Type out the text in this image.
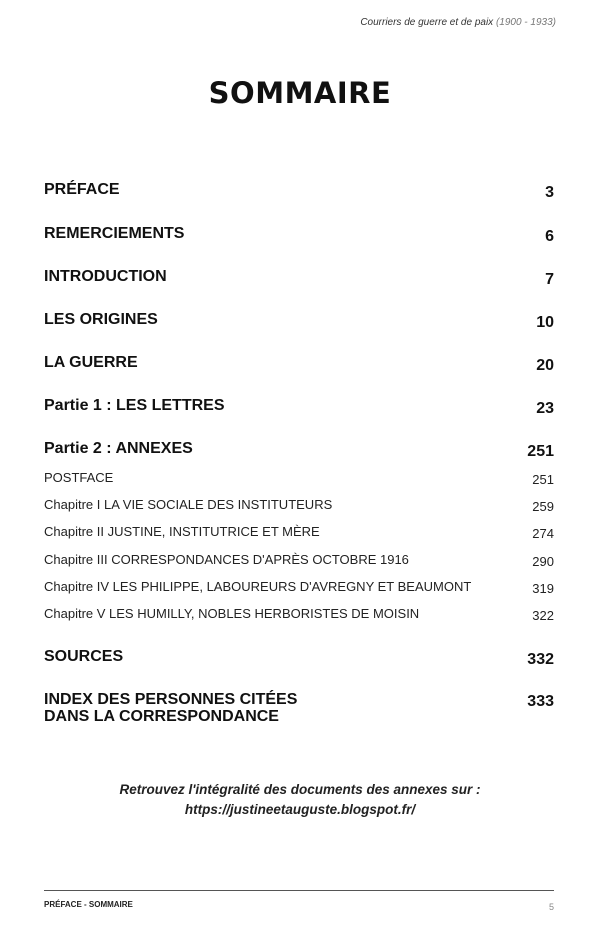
Courriers de guerre et de paix (1900 - 1933)
SOMMAIRE
PRÉFACE	3
REMERCIEMENTS	6
INTRODUCTION	7
LES ORIGINES	10
LA GUERRE	20
Partie 1 : LES LETTRES	23
Partie 2 : ANNEXES	251
POSTFACE	251
Chapitre I LA VIE SOCIALE DES INSTITUTEURS	259
Chapitre II JUSTINE, INSTITUTRICE ET MÈRE	274
Chapitre III CORRESPONDANCES D'APRÈS OCTOBRE 1916	290
Chapitre IV LES PHILIPPE, LABOUREURS D'AVREGNY ET BEAUMONT	319
Chapitre V LES HUMILLY, NOBLES HERBORISTES DE MOISIN	322
SOURCES	332
INDEX DES PERSONNES CITÉES
DANS LA CORRESPONDANCE
333
Retrouvez l'intégralité des documents des annexes sur :
https://justineetauguste.blogspot.fr/
PRÉFACE - SOMMAIRE	5
